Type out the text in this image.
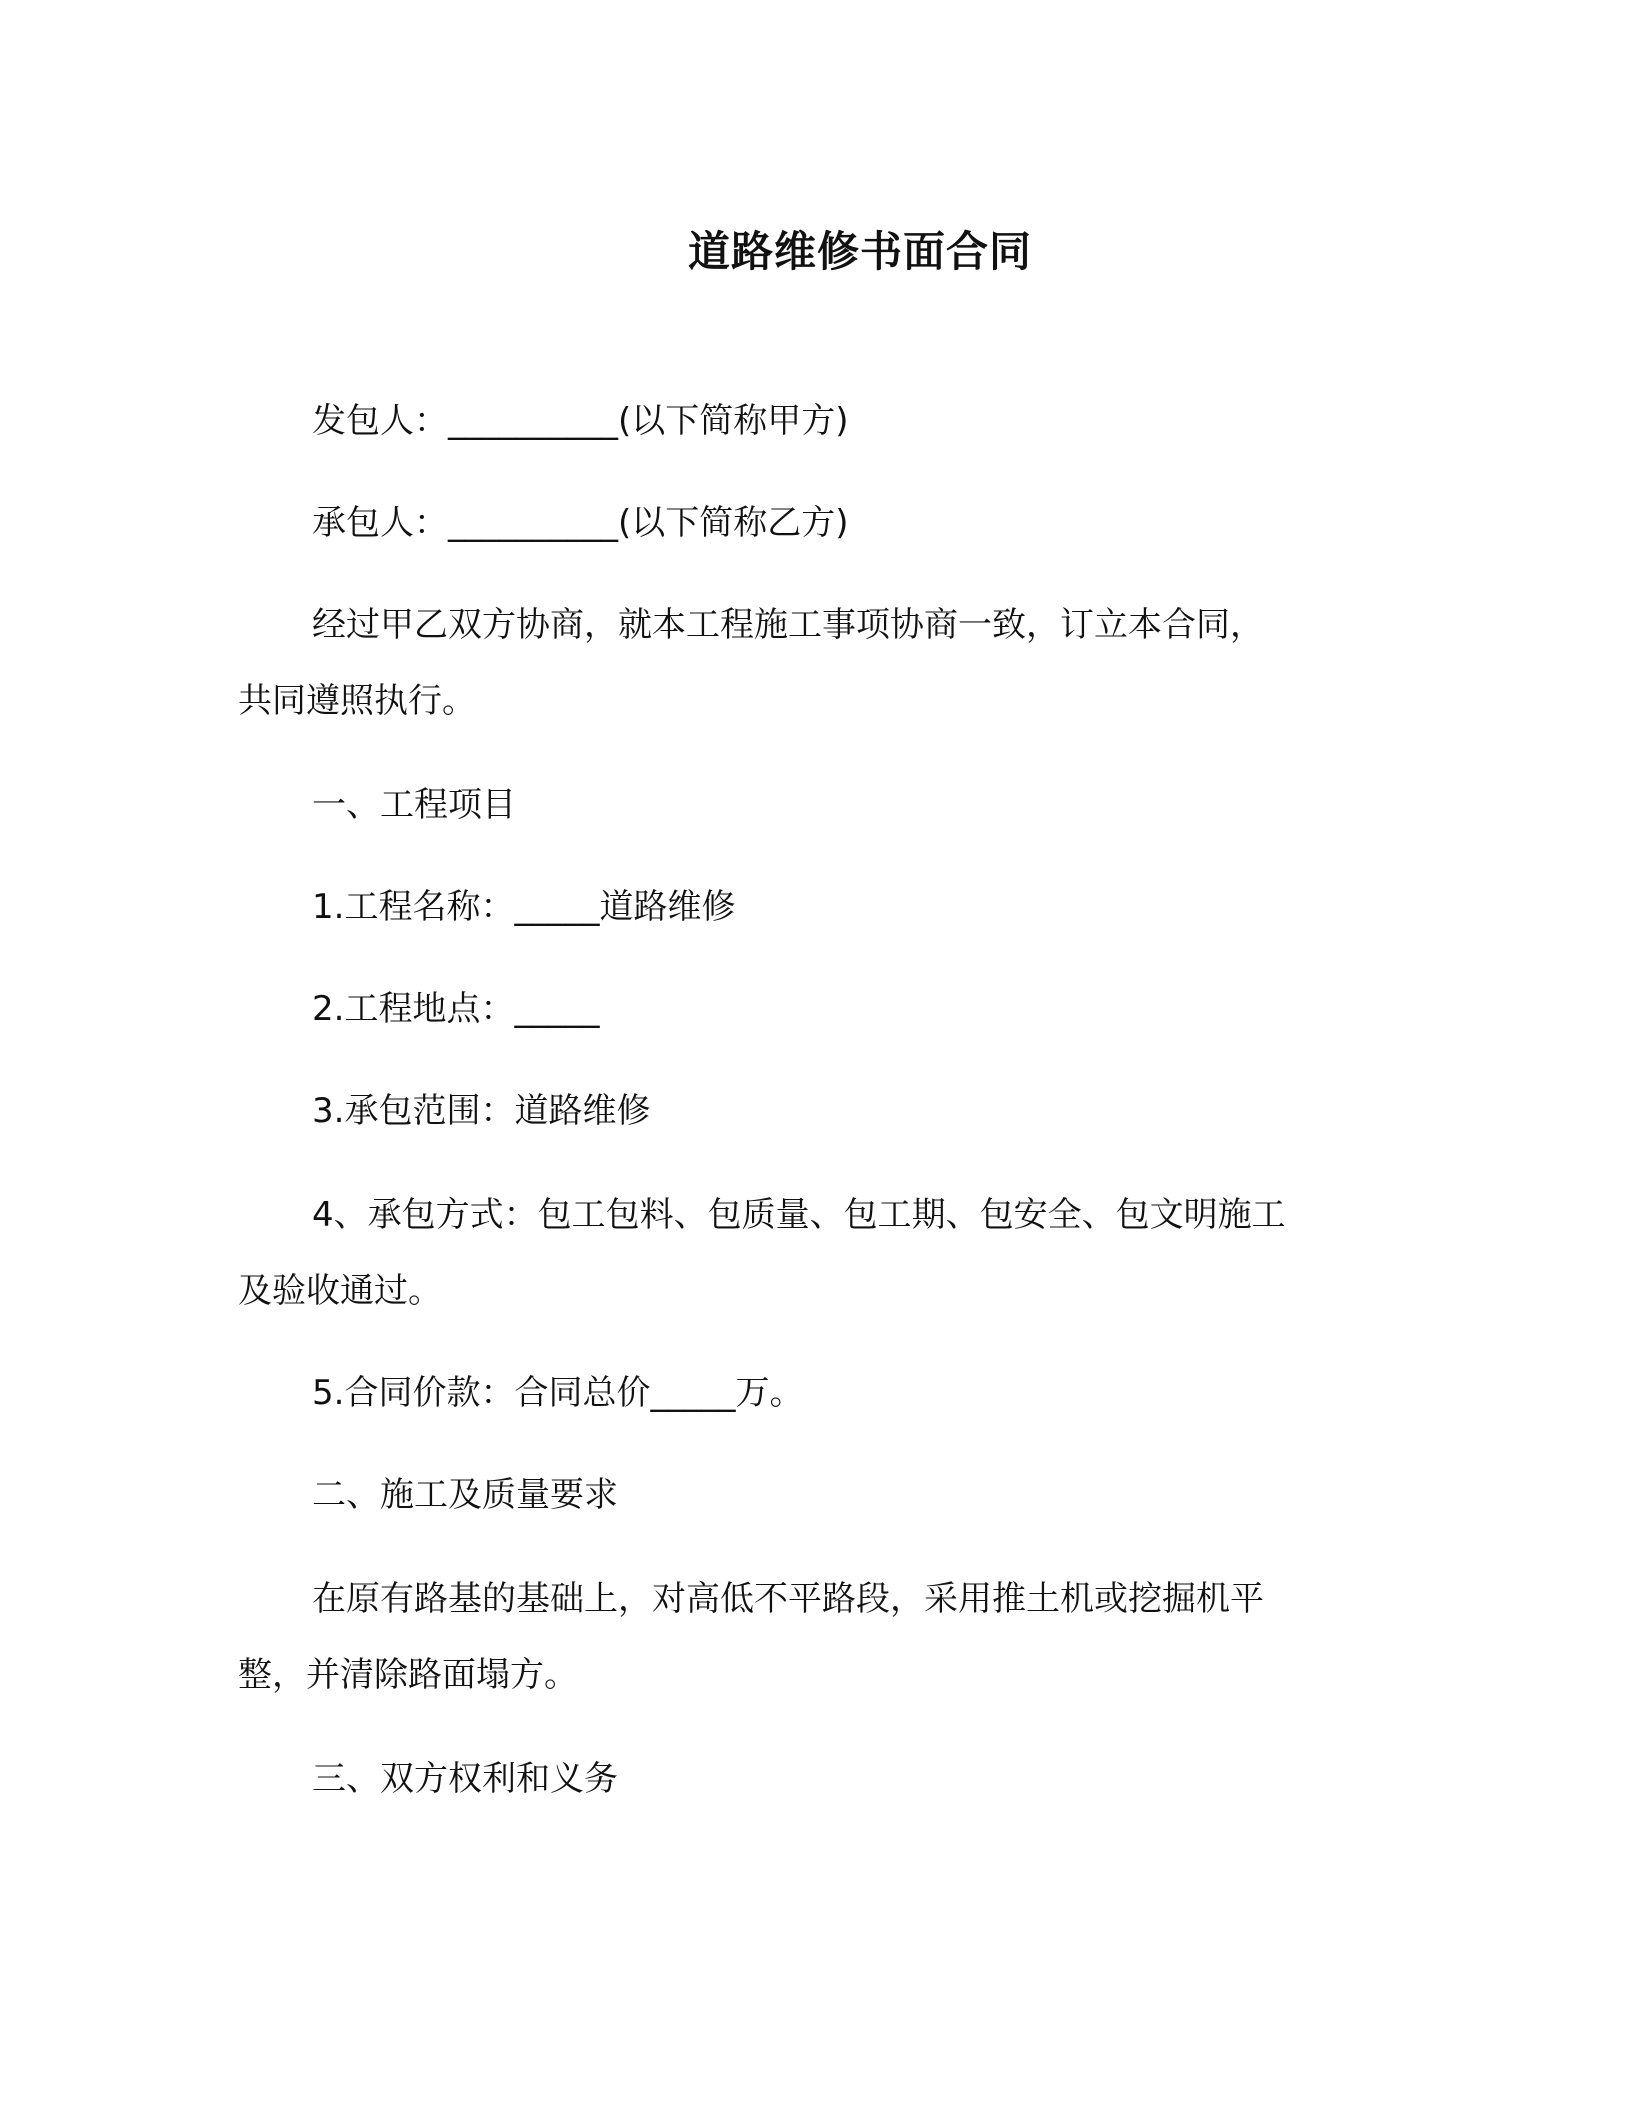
道路维修书面合同
发包人：__________(以下简称甲方)
承包人：__________(以下简称乙方)
经过甲乙双方协商，就本工程施工事项协商一致，订立本合同，
共同遵照执行。
一、工程项目
1.工程名称：_____道路维修
2.工程地点：_____
3.承包范围：道路维修
4、承包方式：包工包料、包质量、包工期、包安全、包文明施工
及验收通过。
5.合同价款：合同总价_____万。
二、施工及质量要求
在原有路基的基础上，对高低不平路段，采用推土机或挖掘机平
整，并清除路面塌方。
三、双方权利和义务
